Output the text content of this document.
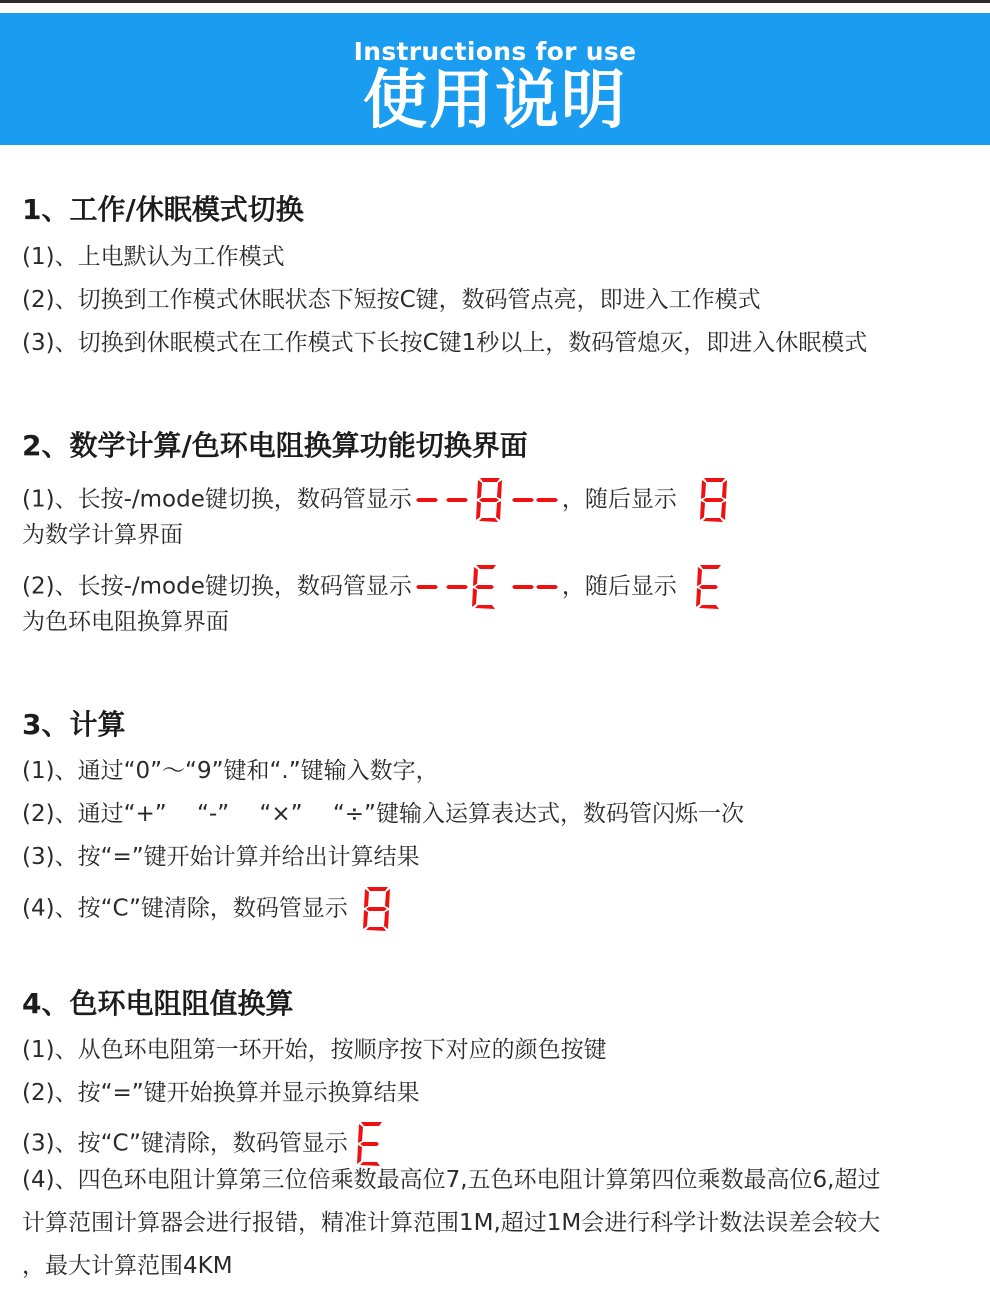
Instructions for use
使用说明
1、工作/休眠模式切换
(1)、上电默认为工作模式
(2)、切换到工作模式休眠状态下短按C键，数码管点亮，即进入工作模式
(3)、切换到休眠模式在工作模式下长按C键1秒以上，数码管熄灭，即进入休眠模式
2、数学计算/色环电阻换算功能切换界面
(1)、长按-/mode键切换，数码管显示	，随后显示
为数学计算界面
(2)、长按-/mode键切换，数码管显示	，随后显示
为色环电阻换算界面
3、计算
(1)、通过“0”～“9”键和“.”键输入数字，
(2)、通过“+”　 “-”　 “×”　 “÷”键输入运算表达式，数码管闪烁一次
(3)、按“=”键开始计算并给出计算结果
(4)、按“C”键清除，数码管显示
4、色环电阻阻值换算
(1)、从色环电阻第一环开始，按顺序按下对应的颜色按键
(2)、按“=”键开始换算并显示换算结果
(3)、按“C”键清除，数码管显示
(4)、四色环电阻计算第三位倍乘数最高位7,五色环电阻计算第四位乘数最高位6,超过
计算范围计算器会进行报错，精准计算范围1M,超过1M会进行科学计数法误差会较大
，最大计算范围4KM
